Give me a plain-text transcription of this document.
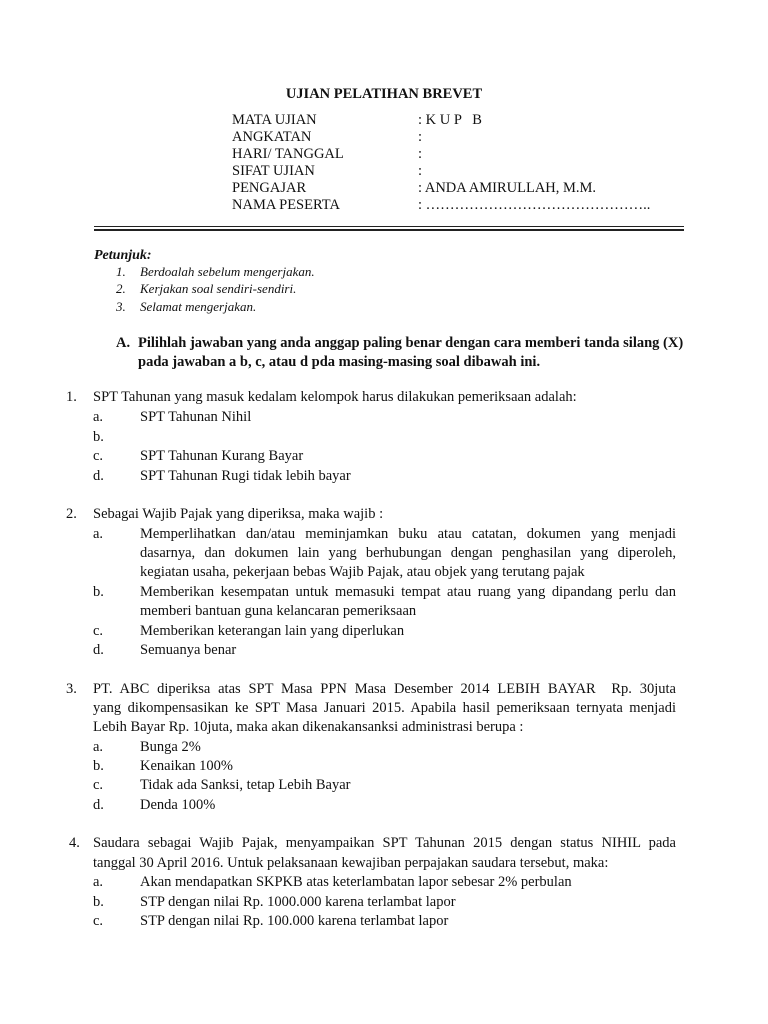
UJIAN PELATIHAN BREVET
MATA UJIAN	: K U P   B
ANGKATAN	:
HARI/ TANGGAL	:
SIFAT UJIAN	:
PENGAJAR	: ANDA AMIRULLAH, M.M.
NAMA PESERTA	: ………………………………………..
Petunjuk:
1. Berdoalah sebelum mengerjakan.
2. Kerjakan soal sendiri-sendiri.
3. Selamat mengerjakan.
A. Pilihlah jawaban yang anda anggap paling benar dengan cara memberi tanda silang (X)
pada jawaban a b, c, atau d pda masing-masing soal dibawah ini.
1. SPT Tahunan yang masuk kedalam kelompok harus dilakukan pemeriksaan adalah:
a.	SPT Tahunan Nihil
b.
c.	SPT Tahunan Kurang Bayar
d. SPT Tahunan Rugi tidak lebih bayar
2. Sebagai Wajib Pajak yang diperiksa, maka wajib :
a.	Memperlihatkan dan/atau meminjamkan buku atau catatan, dokumen yang menjadi
dasarnya, dan dokumen lain yang berhubungan dengan penghasilan yang diperoleh,
kegiatan usaha, pekerjaan bebas Wajib Pajak, atau objek yang terutang pajak
b. Memberikan kesempatan untuk memasuki tempat atau ruang yang dipandang perlu dan
memberi bantuan guna kelancaran pemeriksaan
c.	Memberikan keterangan lain yang diperlukan
d. Semuanya benar
3. PT. ABC diperiksa atas SPT Masa PPN Masa Desember 2014 LEBIH BAYAR  Rp. 30juta
yang dikompensasikan ke SPT Masa Januari 2015. Apabila hasil pemeriksaan ternyata menjadi
Lebih Bayar Rp. 10juta, maka akan dikenakansanksi administrasi berupa :
a.	Bunga 2%
b. Kenaikan 100%
c.	Tidak ada Sanksi, tetap Lebih Bayar
d. Denda 100%
4. Saudara sebagai Wajib Pajak, menyampaikan SPT Tahunan 2015 dengan status NIHIL pada
tanggal 30 April 2016. Untuk pelaksanaan kewajiban perpajakan saudara tersebut, maka:
a.	Akan mendapatkan SKPKB atas keterlambatan lapor sebesar 2% perbulan
b. STP dengan nilai Rp. 1000.000 karena terlambat lapor
c.	STP dengan nilai Rp. 100.000 karena terlambat lapor
